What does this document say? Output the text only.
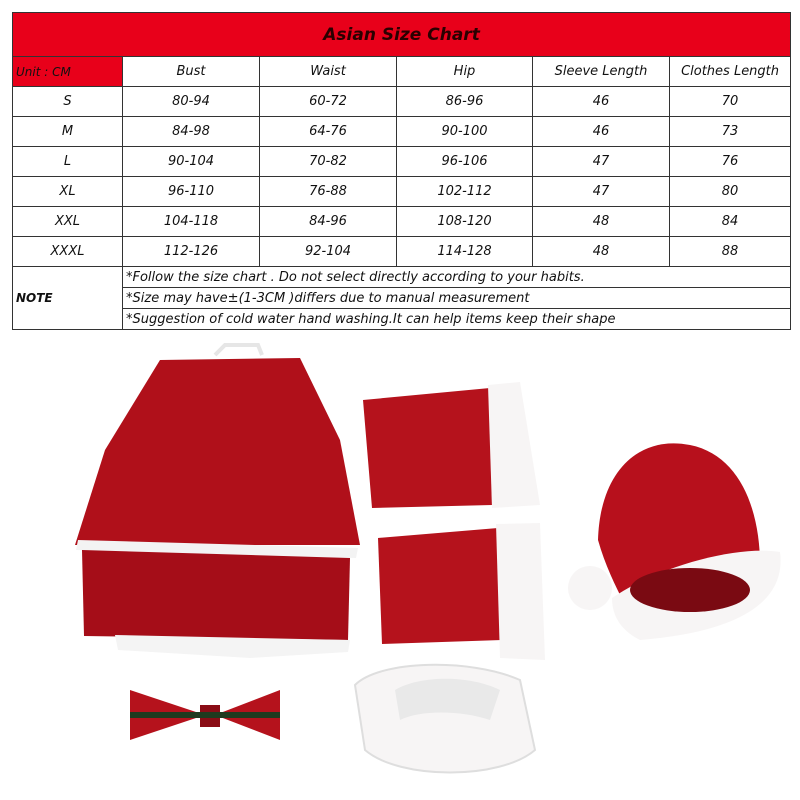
Asian Size Chart					
Unit : CM	Bust	Waist	Hip	Sleeve Length	Clothes Length
S	80-94	60-72	86-96	46	70
M	84-98	64-76	90-100	46	73
L	90-104	70-82	96-106	47	76
XL	96-110	76-88	102-112	47	80
XXL	104-118	84-96	108-120	48	84
XXXL	112-126	92-104	114-128	48	88
NOTE	*Follow the size chart . Do not select directly according to your habits.				
	*Size may have±(1-3CM )differs due to manual measurement				
	*Suggestion of cold water hand washing.It can help items keep their shape				
